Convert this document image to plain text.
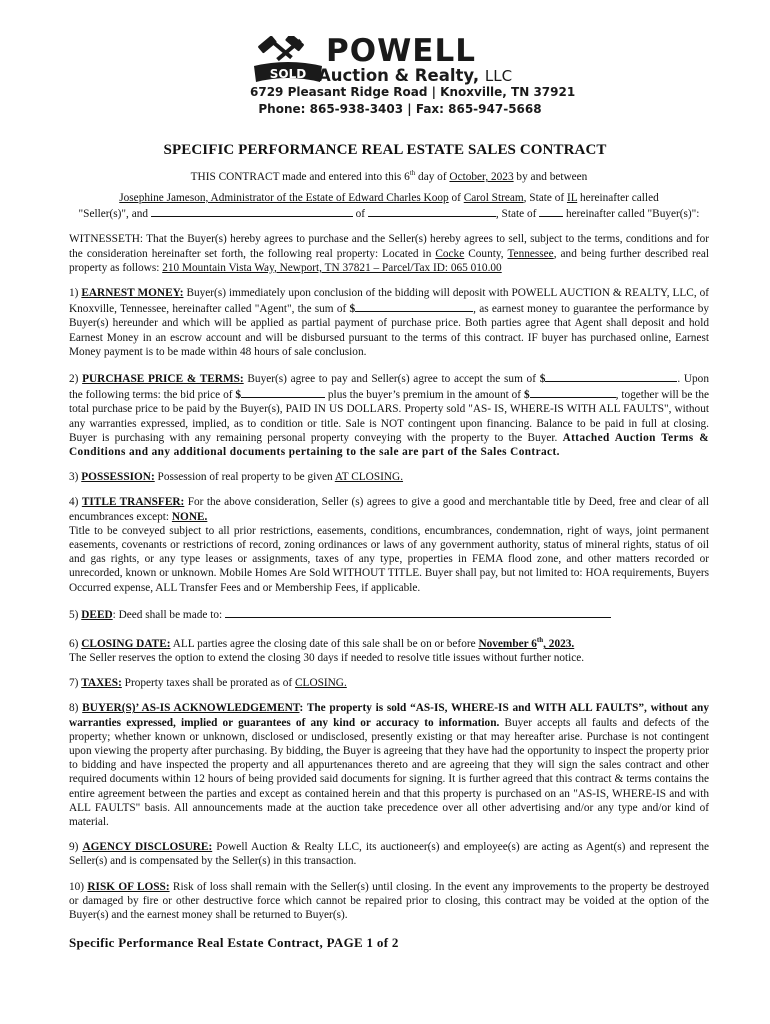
SOLD
POWELL
Auction & Realty, LLC
6729 Pleasant Ridge Road | Knoxville, TN 37921
Phone: 865-938-3403 | Fax: 865-947-5668
SPECIFIC PERFORMANCE REAL ESTATE SALES CONTRACT

THIS CONTRACT made and entered into this 6th day of October, 2023 by and between

Josephine Jameson, Administrator of the Estate of Edward Charles Koop of Carol Stream, State of IL hereinafter called

"Seller(s)", and	of	, State of  hereinafter called "Buyer(s)":

WITNESSETH: That the Buyer(s) hereby agrees to purchase and the Seller(s) hereby agrees to sell, subject to the terms, conditions and for the consideration hereinafter set forth, the following real property: Located in Cocke County, Tennessee, and being further described real property as follows: 210 Mountain Vista Way, Newport, TN 37821 – Parcel/Tax ID: 065 010.00

1) EARNEST MONEY: Buyer(s) immediately upon conclusion of the bidding will deposit with POWELL AUCTION & REALTY, LLC, of Knoxville, Tennessee, hereinafter called "Agent", the sum of $	, as earnest money to guarantee the performance by Buyer(s) hereunder and which will be applied as partial payment of purchase price. Both parties agree that Agent shall deposit and hold Earnest Money in an escrow account and will be disbursed pursuant to the terms of this contract. IF buyer has purchased online, Earnest Money payment is to be made within 48 hours of sale conclusion.

2) PURCHASE PRICE & TERMS: Buyer(s) agree to pay and Seller(s) agree to accept the sum of $	. Upon the following terms: the bid price of $	plus the buyer’s premium in the amount of $	, together will be the total purchase price to be paid by the Buyer(s), PAID IN US DOLLARS. Property sold "AS- IS, WHERE-IS WITH ALL FAULTS", without any warranties expressed, implied, as to condition or title. Sale is NOT contingent upon financing. Balance to be paid in full at closing. Buyer is purchasing with any remaining personal property conveying with the property to the Buyer. Attached Auction Terms & Conditions and any additional documents pertaining to the sale are part of the Sales Contract.

3) POSSESSION: Possession of real property to be given AT CLOSING.

4) TITLE TRANSFER: For the above consideration, Seller (s) agrees to give a good and merchantable title by Deed, free and clear of all encumbrances except: NONE.
Title to be conveyed subject to all prior restrictions, easements, conditions, encumbrances, condemnation, right of ways, joint permanent easements, covenants or restrictions of record, zoning ordinances or laws of any government authority, status of mineral rights, status of oil and gas rights, or any type leases or assignments, taxes of any type, properties in FEMA flood zone, and other matters recorded or unrecorded, known or unknown. Mobile Homes Are Sold WITHOUT TITLE. Buyer shall pay, but not limited to: HOA requirements, Buyers Occurred expense, ALL Transfer Fees and or Membership Fees, if applicable.

5) DEED: Deed shall be made to:

6) CLOSING DATE: ALL parties agree the closing date of this sale shall be on or before November 6th, 2023.
The Seller reserves the option to extend the closing 30 days if needed to resolve title issues without further notice.

7) TAXES: Property taxes shall be prorated as of CLOSING.

8) BUYER(S)’ AS-IS ACKNOWLEDGEMENT: The property is sold “AS-IS, WHERE-IS and WITH ALL FAULTS”, without any warranties expressed, implied or guarantees of any kind or accuracy to information. Buyer accepts all faults and defects of the property; whether known or unknown, disclosed or undisclosed, presently existing or that may hereafter arise. Purchase is not contingent upon viewing the property after purchasing. By bidding, the Buyer is agreeing that they have had the opportunity to inspect the property prior to bidding and have inspected the property and all appurtenances thereto and are agreeing that they will sign the sales contract and other required documents within 12 hours of being provided said documents for signing. It is further agreed that this contract & terms contains the entire agreement between the parties and except as contained herein and that this property is purchased on an "AS-IS, WHERE-IS and with ALL FAULTS" basis. All announcements made at the auction take precedence over all other advertising and/or any type and/or kind of material.

9) AGENCY DISCLOSURE: Powell Auction & Realty LLC, its auctioneer(s) and employee(s) are acting as Agent(s) and represent the Seller(s) and is compensated by the Seller(s) in this transaction.

10) RISK OF LOSS: Risk of loss shall remain with the Seller(s) until closing. In the event any improvements to the property be destroyed or damaged by fire or other destructive force which cannot be repaired prior to closing, this contract may be voided at the option of the Buyer(s) and the earnest money shall be returned to Buyer(s).

Specific Performance Real Estate Contract, PAGE 1 of 2
